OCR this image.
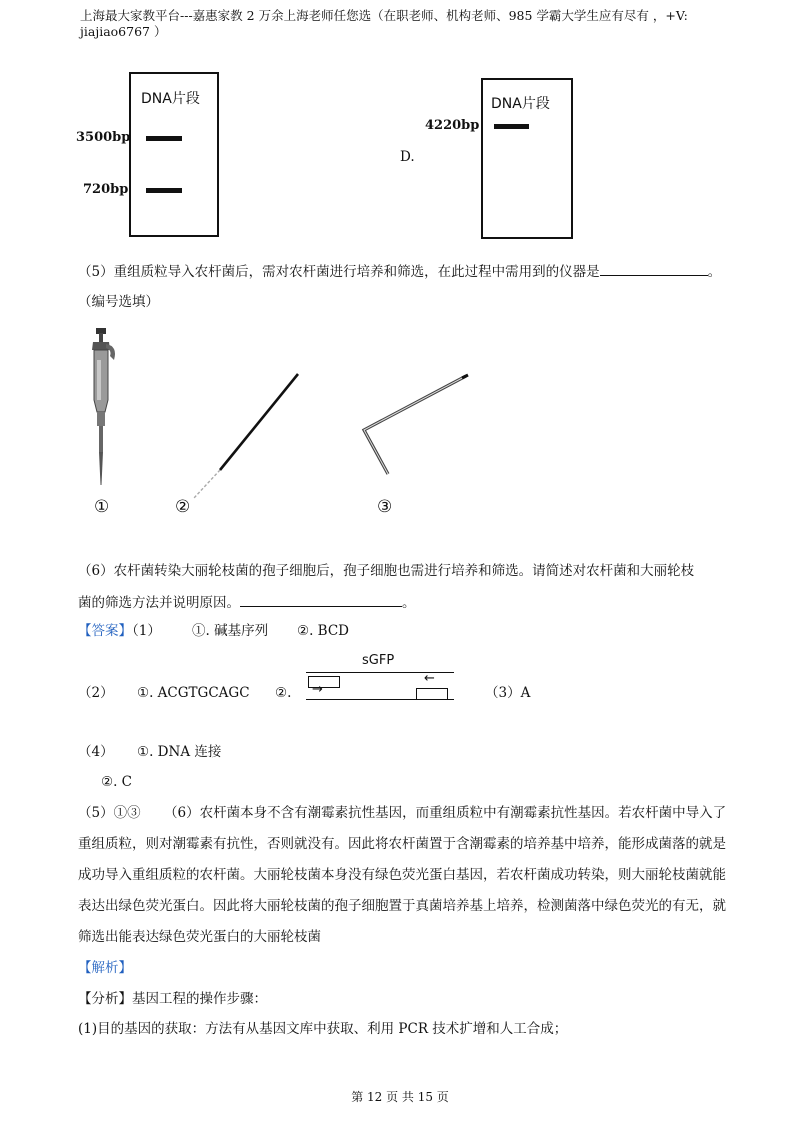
上海最大家教平台---嘉惠家教 2 万余上海老师任您选（在职老师、机构老师、985 学霸大学生应有尽有 ，+V:
jiajiao6767 ）
DNA片段
3500bp
720bp
D.
DNA片段
4220bp
（5）重组质粒导入农杆菌后，需对农杆菌进行培养和筛选，在此过程中需用到的仪器是	。
（编号选填）
①	②	③
（6）农杆菌转染大丽轮枝菌的孢子细胞后，孢子细胞也需进行培养和筛选。请简述对农杆菌和大丽轮枝
菌的筛选方法并说明原因。	。
【答案】（1） ①. 碱基序列 ②. BCD
（2） ①. ACGTGCAGC ②.
sGFP
→
←
（3）A
（4） ①. DNA 连接
②. C
（5）①③	（6）农杆菌本身不含有潮霉素抗性基因，而重组质粒中有潮霉素抗性基因。若农杆菌中导入了重组质粒，则对潮霉素有抗性，否则就没有。因此将农杆菌置于含潮霉素的培养基中培养，能形成菌落的就是成功导入重组质粒的农杆菌。大丽轮枝菌本身没有绿色荧光蛋白基因，若农杆菌成功转染，则大丽轮枝菌就能表达出绿色荧光蛋白。因此将大丽轮枝菌的孢子细胞置于真菌培养基上培养，检测菌落中绿色荧光的有无，就筛选出能表达绿色荧光蛋白的大丽轮枝菌
【解析】
【分析】基因工程的操作步骤：
(1)目的基因的获取：方法有从基因文库中获取、利用 PCR 技术扩增和人工合成；
第 12 页 共 15 页
